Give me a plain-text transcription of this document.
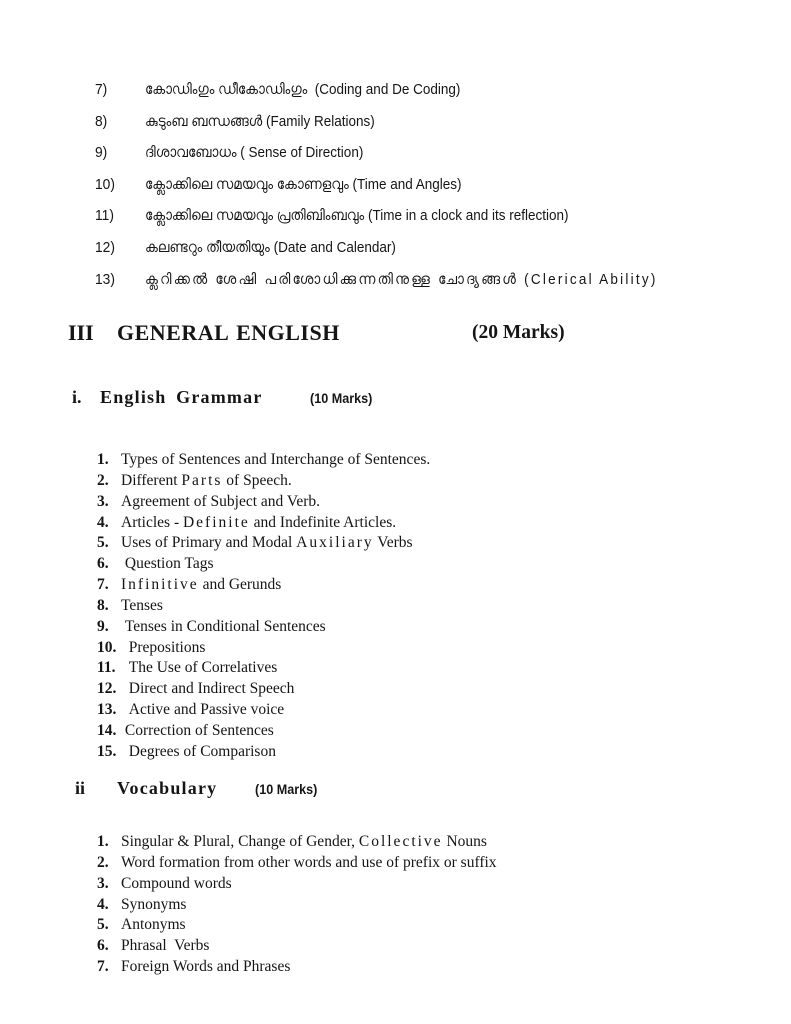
7)	കോഡിംഗും ഡീകോഡിംഗും  (Coding and De Coding)
8)	കുടുംബ ബന്ധങ്ങൾ (Family Relations)
9)	ദിശാവബോധം ( Sense of Direction)
10)	ക്ലോക്കിലെ സമയവും കോണളവും (Time and Angles)
11)	ക്ലോക്കിലെ സമയവും പ്രതിബിംബവും (Time in a clock and its reflection)
12)	കലണ്ടറും തീയതിയും (Date and Calendar)
13)	ക്ലറിക്കൽ ശേഷി പരിശോധിക്കുന്നതിനുള്ള ചോദ്യങ്ങൾ (Clerical Ability)
III GENERAL ENGLISH	(20 Marks)
i. English Grammar	(10 Marks)
1. Types of Sentences and Interchange of Sentences.
2. Different Parts of Speech.
3. Agreement of Subject and Verb.
4. Articles - Definite and Indefinite Articles.
5. Uses of Primary and Modal Auxiliary Verbs
6. Question Tags
7. Infinitive and Gerunds
8. Tenses
9. Tenses in Conditional Sentences
10. Prepositions
11. The Use of Correlatives
12. Direct and Indirect Speech
13. Active and Passive voice
14. Correction of Sentences
15. Degrees of Comparison
ii Vocabulary	(10 Marks)
1. Singular & Plural, Change of Gender, Collective Nouns
2. Word formation from other words and use of prefix or suffix
3. Compound words
4. Synonyms
5. Antonyms
6. Phrasal  Verbs
7. Foreign Words and Phrases
